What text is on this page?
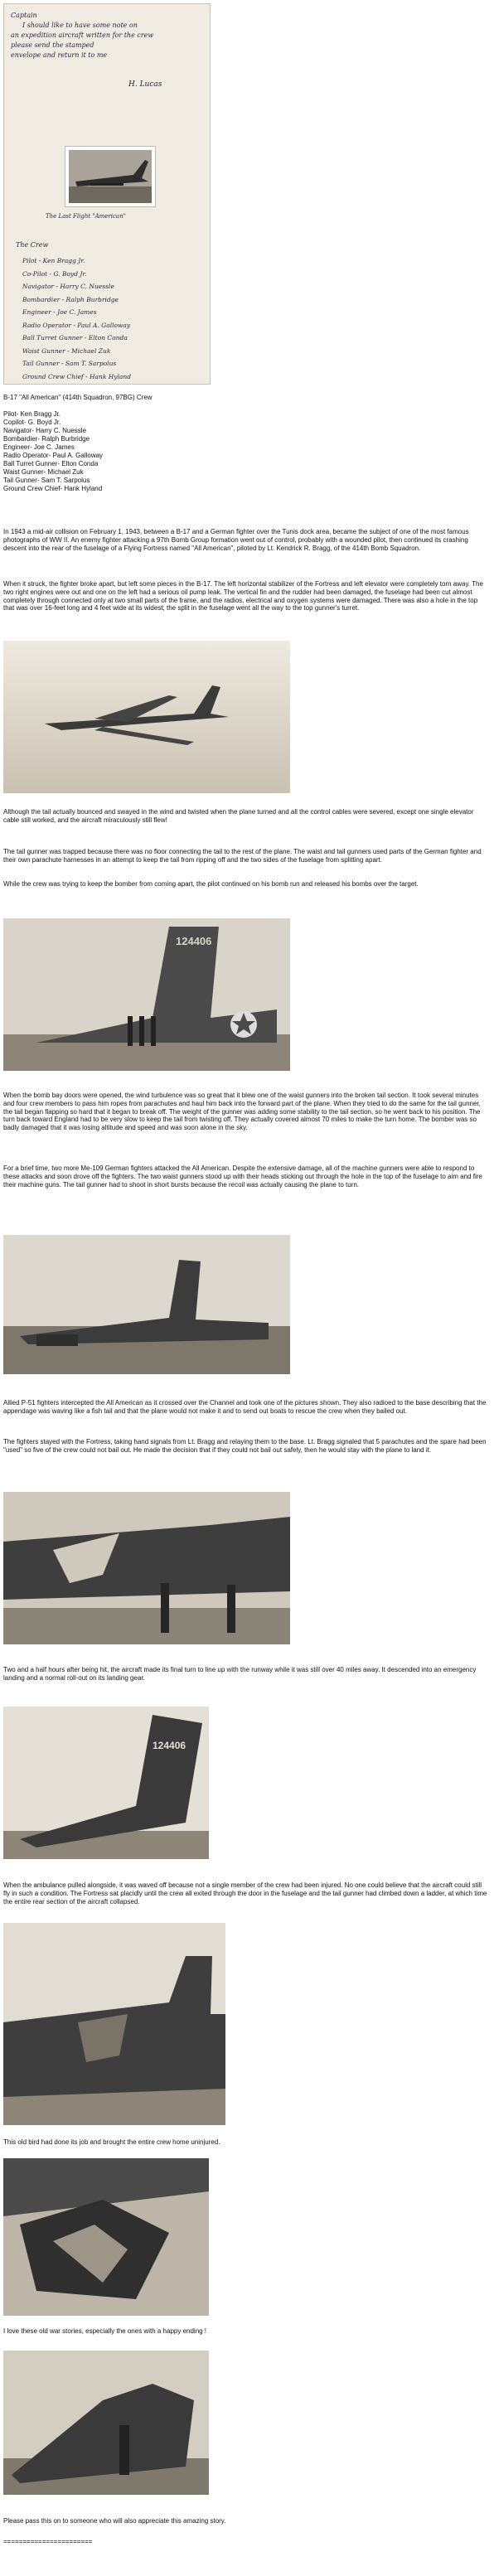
Captain
I should like to have some note on
an expedition aircraft written for the crew
please send the stamped
envelope and return it to me
H. Lucas
The Last Flight "American"
The Crew
Pilot - Ken Bragg Jr.
Co-Pilot - G. Boyd Jr.
Navigator - Harry C. Nuessle
Bombardier - Ralph Burbridge
Engineer - Joe C. James
Radio Operator - Paul A. Galloway
Ball Turret Gunner - Elton Conda
Waist Gunner - Michael Zuk
Tail Gunner - Sam T. Sarpolus
Ground Crew Chief - Hank Hyland

B-17 "All American" (414th Squadron, 97BG) Crew

Pilot- Ken Bragg Jr.
Copilot- G. Boyd Jr.
Navigator- Harry C. Nuessle
Bombardier- Ralph Burbridge
Engineer- Joe C. James
Radio Operator- Paul A. Galloway
Ball Turret Gunner- Elton Conda
Waist Gunner- Michael Zuk
Tail Gunner- Sam T. Sarpolus
Ground Crew Chief- Hank Hyland

In 1943 a mid-air collision on February 1, 1943, between a B-17 and a German fighter over the Tunis dock area, became the subject of one of the most famous photographs of WW II. An enemy fighter attacking a 97th Bomb Group formation went out of control, probably with a wounded pilot, then continued its crashing descent into the rear of the fuselage of a Flying Fortress named "All American", piloted by Lt. Kendrick R. Bragg, of the 414th Bomb Squadron.

When it struck, the fighter broke apart, but left some pieces in the B-17. The left horizontal stabilizer of the Fortress and left elevator were completely torn away. The two right engines were out and one on the left had a serious oil pump leak. The vertical fin and the rudder had been damaged, the fuselage had been cut almost completely through connected only at two small parts of the frame, and the radios, electrical and oxygen systems were damaged. There was also a hole in the top that was over 16-feet long and 4 feet wide at its widest; the split in the fuselage went all the way to the top gunner's turret.

Although the tail actually bounced and swayed in the wind and twisted when the plane turned and all the control cables were severed, except one single elevator cable still worked, and the aircraft miraculously still flew!

The tail gunner was trapped because there was no floor connecting the tail to the rest of the plane. The waist and tail gunners used parts of the German fighter and their own parachute harnesses in an attempt to keep the tail from ripping off and the two sides of the fuselage from splitting apart.

While the crew was trying to keep the bomber from coming apart, the pilot continued on his bomb run and released his bombs over the target.

124406

When the bomb bay doors were opened, the wind turbulence was so great that it blew one of the waist gunners into the broken tail section. It took several minutes and four crew members to pass him ropes from parachutes and haul him back into the forward part of the plane. When they tried to do the same for the tail gunner, the tail began flapping so hard that it began to break off. The weight of the gunner was adding some stability to the tail section, so he went back to his position. The turn back toward England had to be very slow to keep the tail from twisting off. They actually covered almost 70 miles to make the turn home. The bomber was so badly damaged that it was losing altitude and speed and was soon alone in the sky.

For a brief time, two more Me-109 German fighters attacked the All American. Despite the extensive damage, all of the machine gunners were able to respond to these attacks and soon drove off the fighters. The two waist gunners stood up with their heads sticking out through the hole in the top of the fuselage to aim and fire their machine guns. The tail gunner had to shoot in short bursts because the recoil was actually causing the plane to turn.

Allied P-51 fighters intercepted the All American as it crossed over the Channel and took one of the pictures shown. They also radioed to the base describing that the appendage was waving like a fish tail and that the plane would not make it and to send out boats to rescue the crew when they bailed out.

The fighters stayed with the Fortress, taking hand signals from Lt. Bragg and relaying them to the base. Lt. Bragg signaled that 5 parachutes and the spare had been "used" so five of the crew could not bail out. He made the decision that if they could not bail out safely, then he would stay with the plane to land it.

Two and a half hours after being hit, the aircraft made its final turn to line up with the runway while it was still over 40 miles away. It descended into an emergency landing and a normal roll-out on its landing gear.

124406

When the ambulance pulled alongside, it was waved off because not a single member of the crew had been injured. No one could believe that the aircraft could still fly in such a condition. The Fortress sat placidly until the crew all exited through the door in the fuselage and the tail gunner had climbed down a ladder, at which time the entire rear section of the aircraft collapsed.

This old bird had done its job and brought the entire crew home uninjured.

I love these old war stories, especially the ones with a happy ending !

Please pass this on to someone who will also appreciate this amazing story.

=======================
